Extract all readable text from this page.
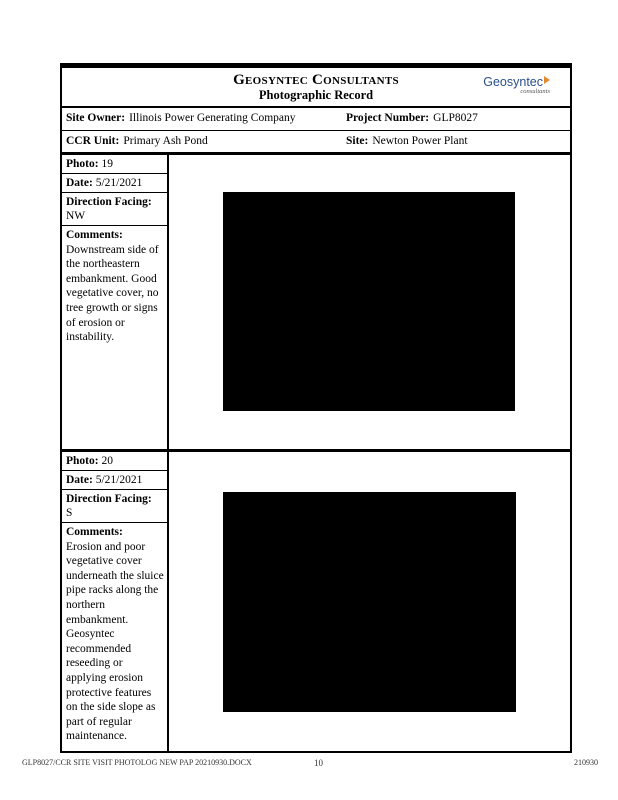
Geosyntec Consultants
Photographic Record
Geosyntec
consultants
Site Owner: Illinois Power Generating Company	Project Number: GLP8027
CCR Unit: Primary Ash Pond	Site: Newton Power Plant
Photo: 19
Date: 5/21/2021
Direction Facing:
NW
Comments:
Downstream side of the northeastern embankment. Good vegetative cover, no tree growth or signs of erosion or instability.
Photo: 20
Date: 5/21/2021
Direction Facing:
S
Comments:
Erosion and poor vegetative cover underneath the sluice pipe racks along the northern embankment. Geosyntec recommended reseeding or applying erosion protective features on the side slope as part of regular maintenance.
GLP8027/CCR SITE VISIT PHOTOLOG NEW PAP 20210930.DOCX	10	210930
